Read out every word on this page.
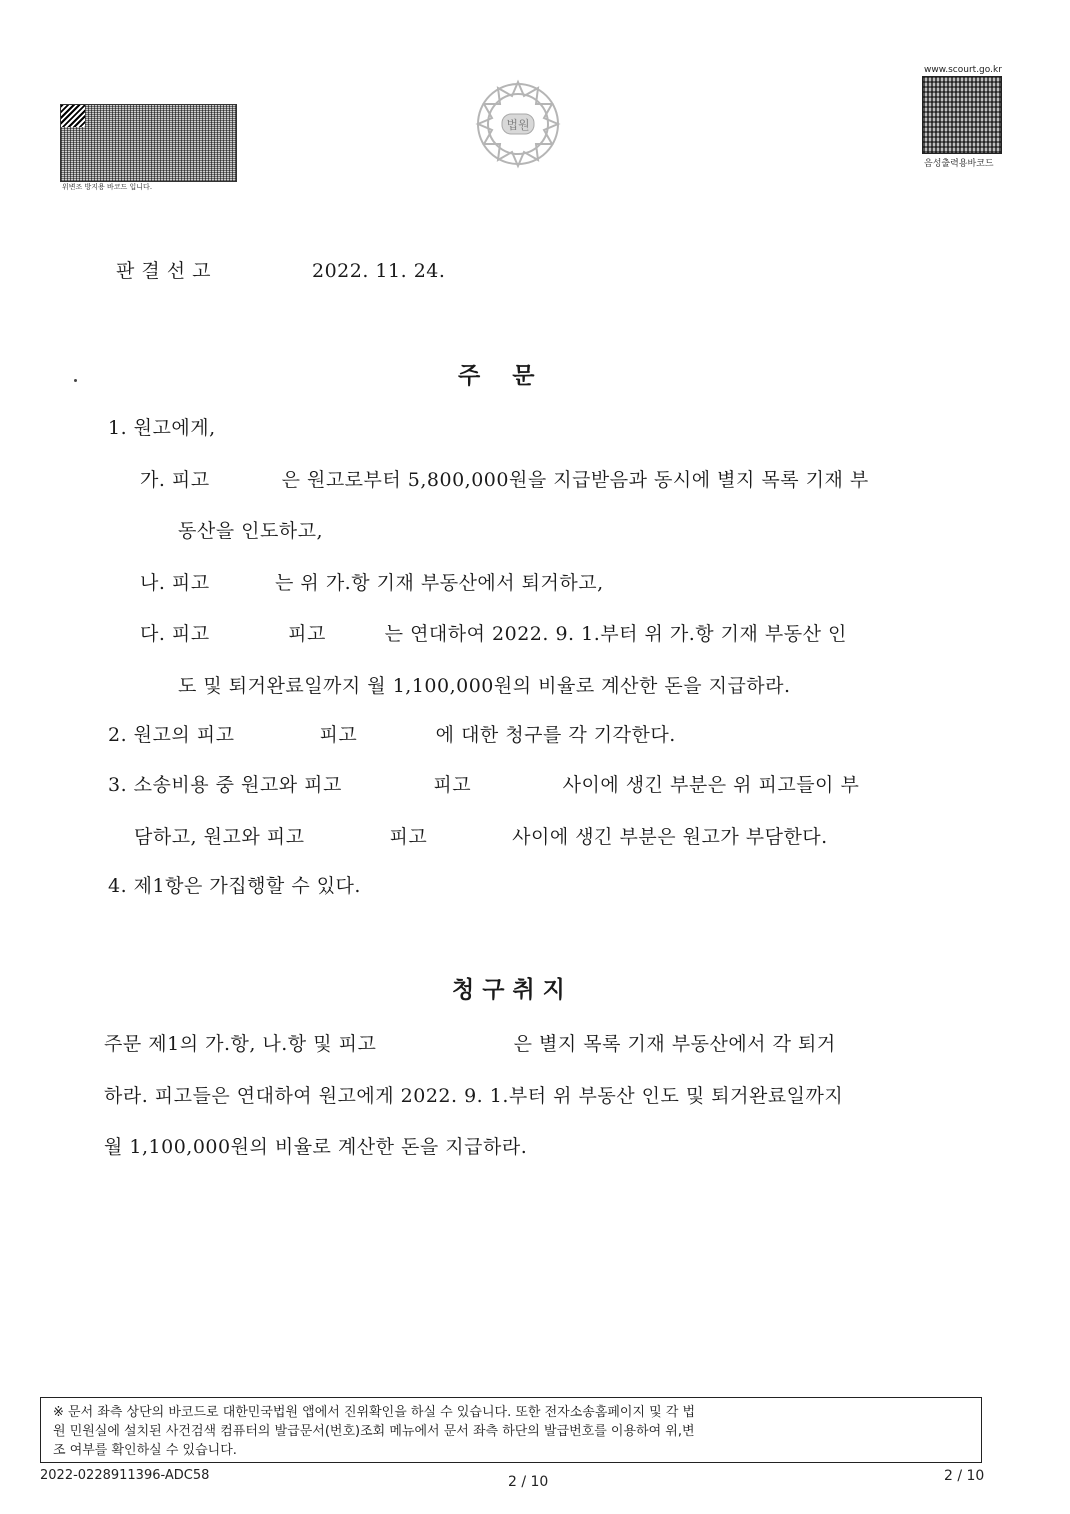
위변조 방지용 바코드 입니다.
법원
www.scourt.go.kr
음성출력용바코드
판 결 선 고	2022. 11. 24.
주    문
1. 원고에게,
가. 피고           은 원고로부터 5,800,000원을 지급받음과 동시에 별지 목록 기재 부
동산을 인도하고,
나. 피고          는 위 가.항 기재 부동산에서 퇴거하고,
다. 피고            피고         는 연대하여 2022. 9. 1.부터 위 가.항 기재 부동산 인
도 및 퇴거완료일까지 월 1,100,000원의 비율로 계산한 돈을 지급하라.
2. 원고의 피고             피고            에 대한 청구를 각 기각한다.
3. 소송비용 중 원고와 피고              피고              사이에 생긴 부분은 위 피고들이 부
담하고, 원고와 피고             피고             사이에 생긴 부분은 원고가 부담한다.
4. 제1항은 가집행할 수 있다.
청 구 취 지
주문 제1의 가.항, 나.항 및 피고                     은 별지 목록 기재 부동산에서 각 퇴거
하라. 피고들은 연대하여 원고에게 2022. 9. 1.부터 위 부동산 인도 및 퇴거완료일까지
월 1,100,000원의 비율로 계산한 돈을 지급하라.
※ 문서 좌측 상단의 바코드로 대한민국법원 앱에서 진위확인을 하실 수 있습니다. 또한 전자소송홈페이지 및 각 법
원 민원실에 설치된 사건검색 컴퓨터의 발급문서(번호)조회 메뉴에서 문서 좌측 하단의 발급번호를 이용하여 위,변
조 여부를 확인하실 수 있습니다.
2022-0228911396-ADC58	2 / 10	2 / 10
